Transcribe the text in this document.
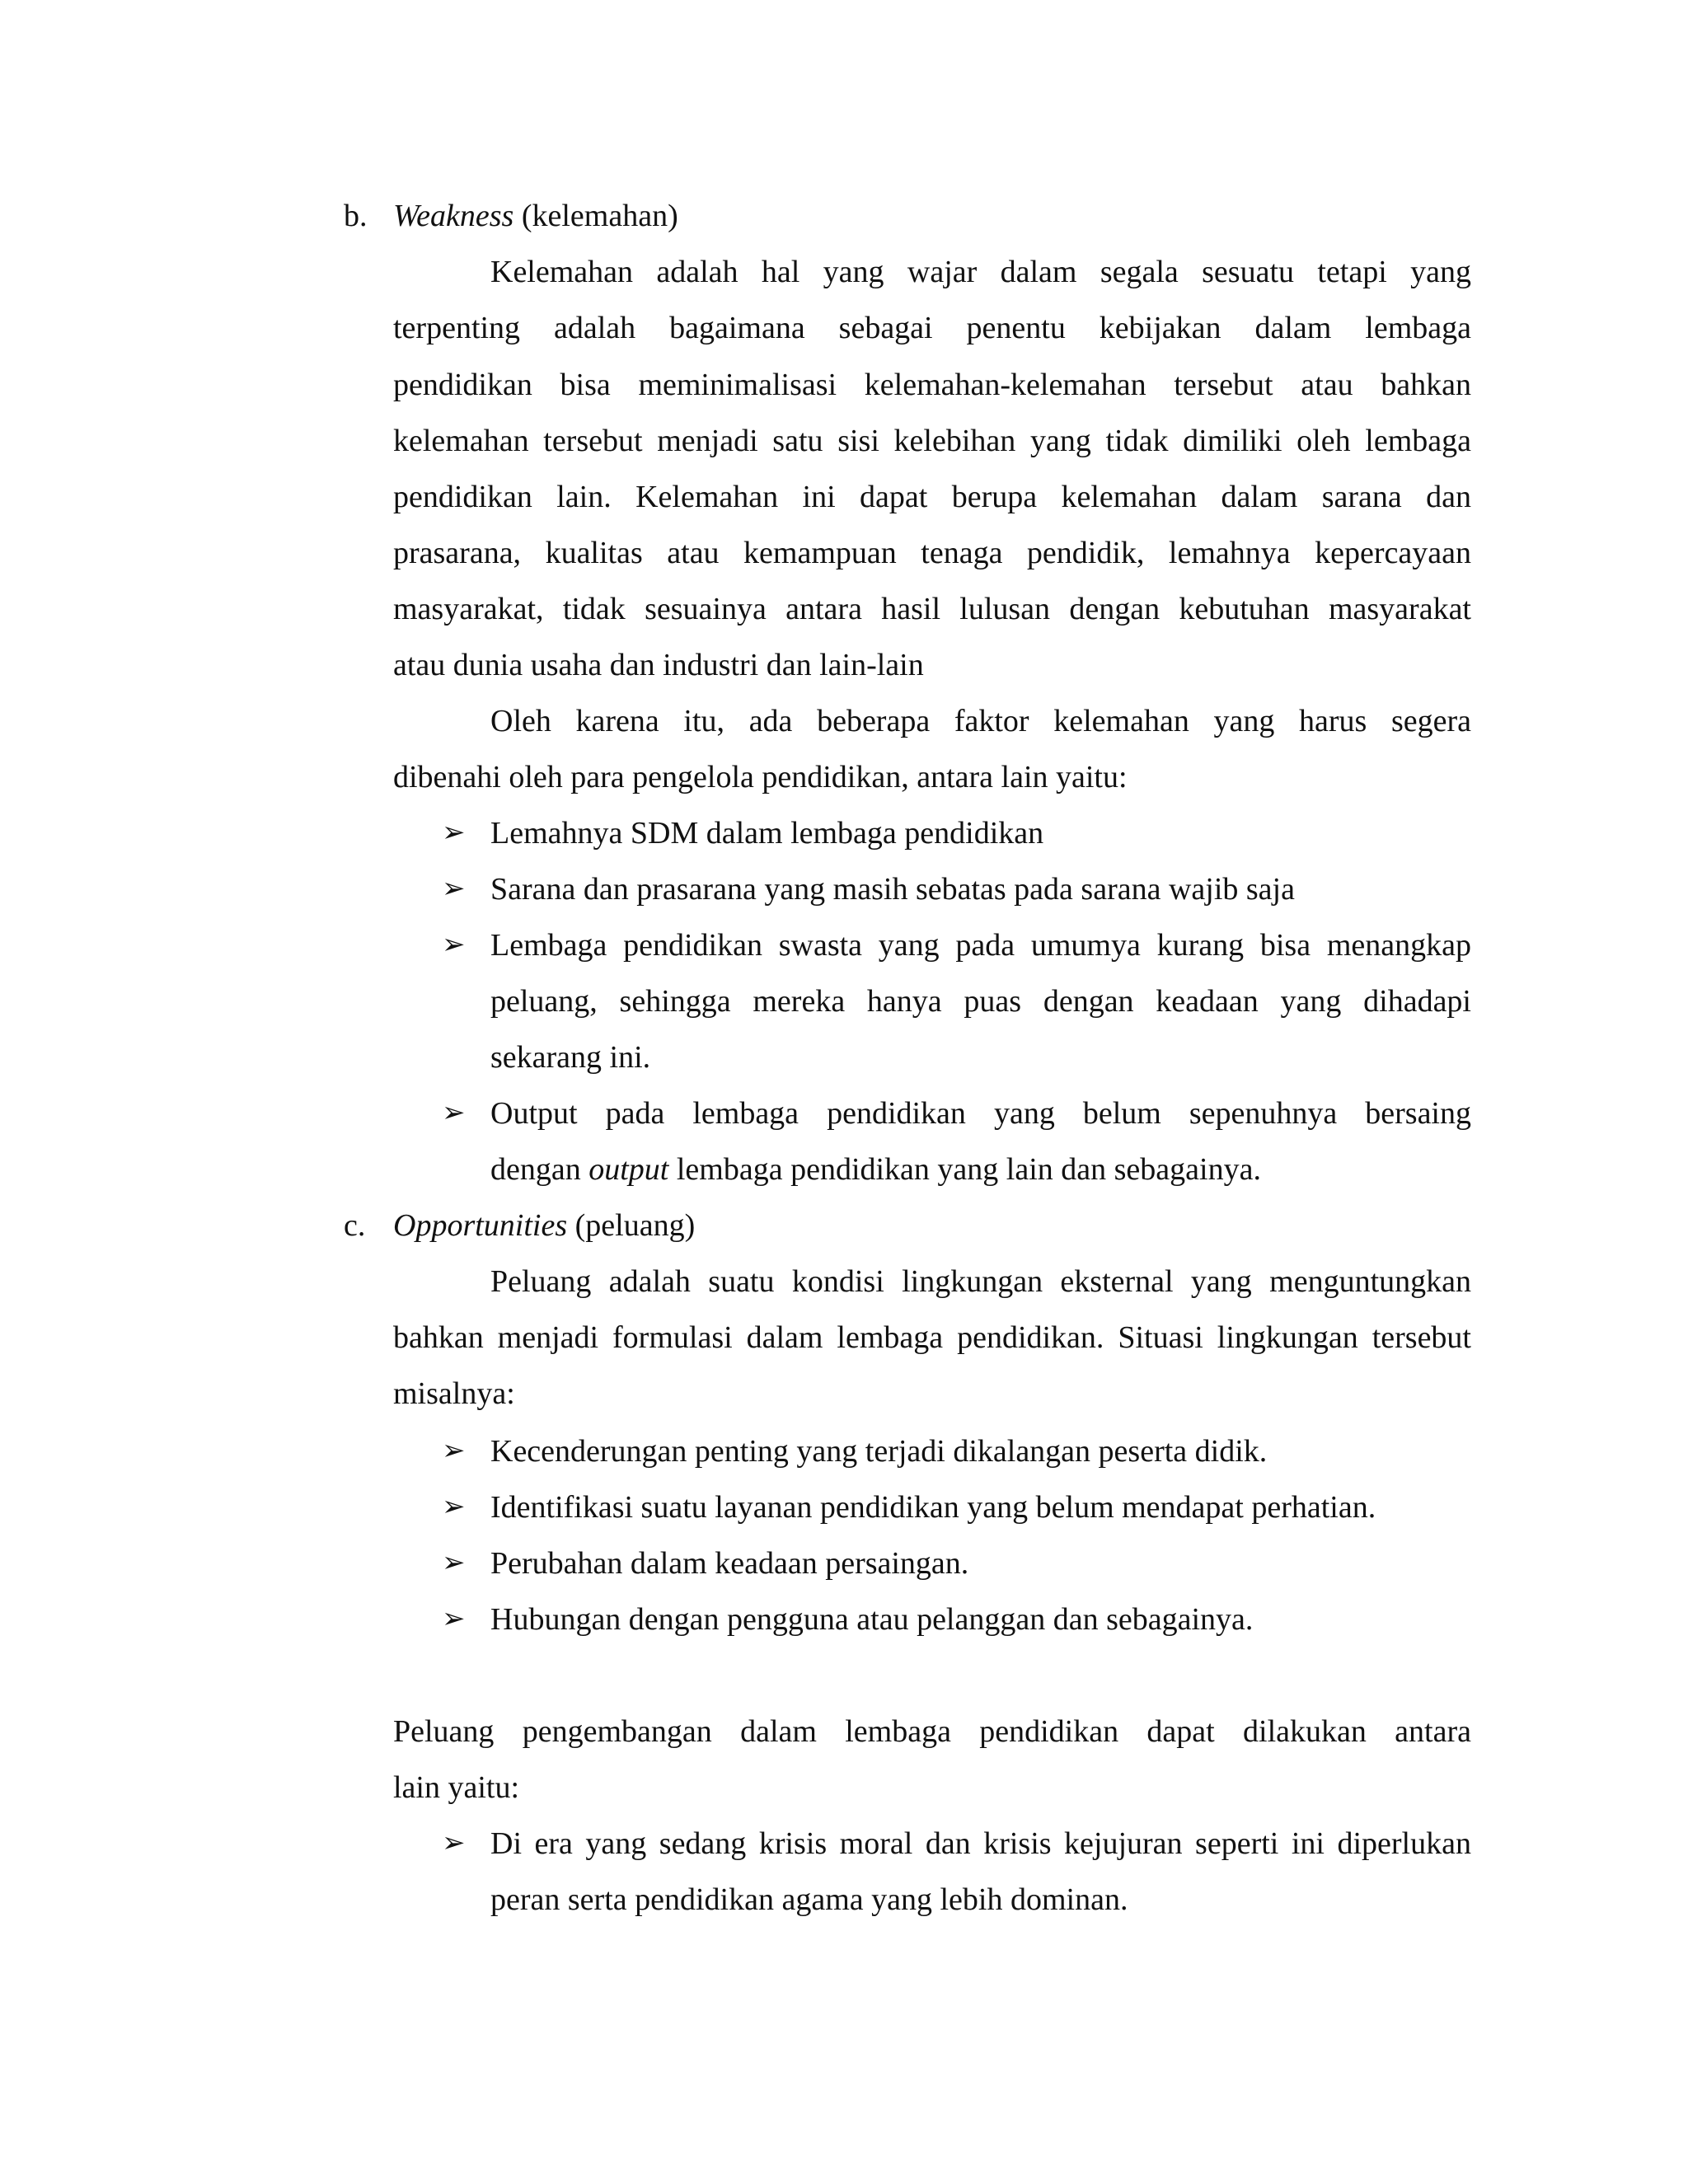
b. Weakness (kelemahan)
Kelemahan adalah hal yang wajar dalam segala sesuatu tetapi yang
terpenting adalah bagaimana sebagai penentu kebijakan dalam lembaga
pendidikan bisa meminimalisasi kelemahan-kelemahan tersebut atau bahkan
kelemahan tersebut menjadi satu sisi kelebihan yang tidak dimiliki oleh lembaga
pendidikan lain. Kelemahan ini dapat berupa kelemahan dalam sarana dan
prasarana, kualitas atau kemampuan tenaga pendidik, lemahnya kepercayaan
masyarakat, tidak sesuainya antara hasil lulusan dengan kebutuhan masyarakat
atau dunia usaha dan industri dan lain-lain
Oleh karena itu, ada beberapa faktor kelemahan yang harus segera
dibenahi oleh para pengelola pendidikan, antara lain yaitu:
➢ Lemahnya SDM dalam lembaga pendidikan
➢ Sarana dan prasarana yang masih sebatas pada sarana wajib saja
➢ Lembaga pendidikan swasta yang pada umumya kurang bisa menangkap
peluang, sehingga mereka hanya puas dengan keadaan yang dihadapi
sekarang ini.
➢ Output pada lembaga pendidikan yang belum sepenuhnya bersaing
dengan output lembaga pendidikan yang lain dan sebagainya.
c. Opportunities (peluang)
Peluang adalah suatu kondisi lingkungan eksternal yang menguntungkan
bahkan menjadi formulasi dalam lembaga pendidikan. Situasi lingkungan tersebut
misalnya:
➢ Kecenderungan penting yang terjadi dikalangan peserta didik.
➢ Identifikasi suatu layanan pendidikan yang belum mendapat perhatian.
➢ Perubahan dalam keadaan persaingan.
➢ Hubungan dengan pengguna atau pelanggan dan sebagainya.
Peluang pengembangan dalam lembaga pendidikan dapat dilakukan antara
lain yaitu:
➢ Di era yang sedang krisis moral dan krisis kejujuran seperti ini diperlukan
peran serta pendidikan agama yang lebih dominan.
